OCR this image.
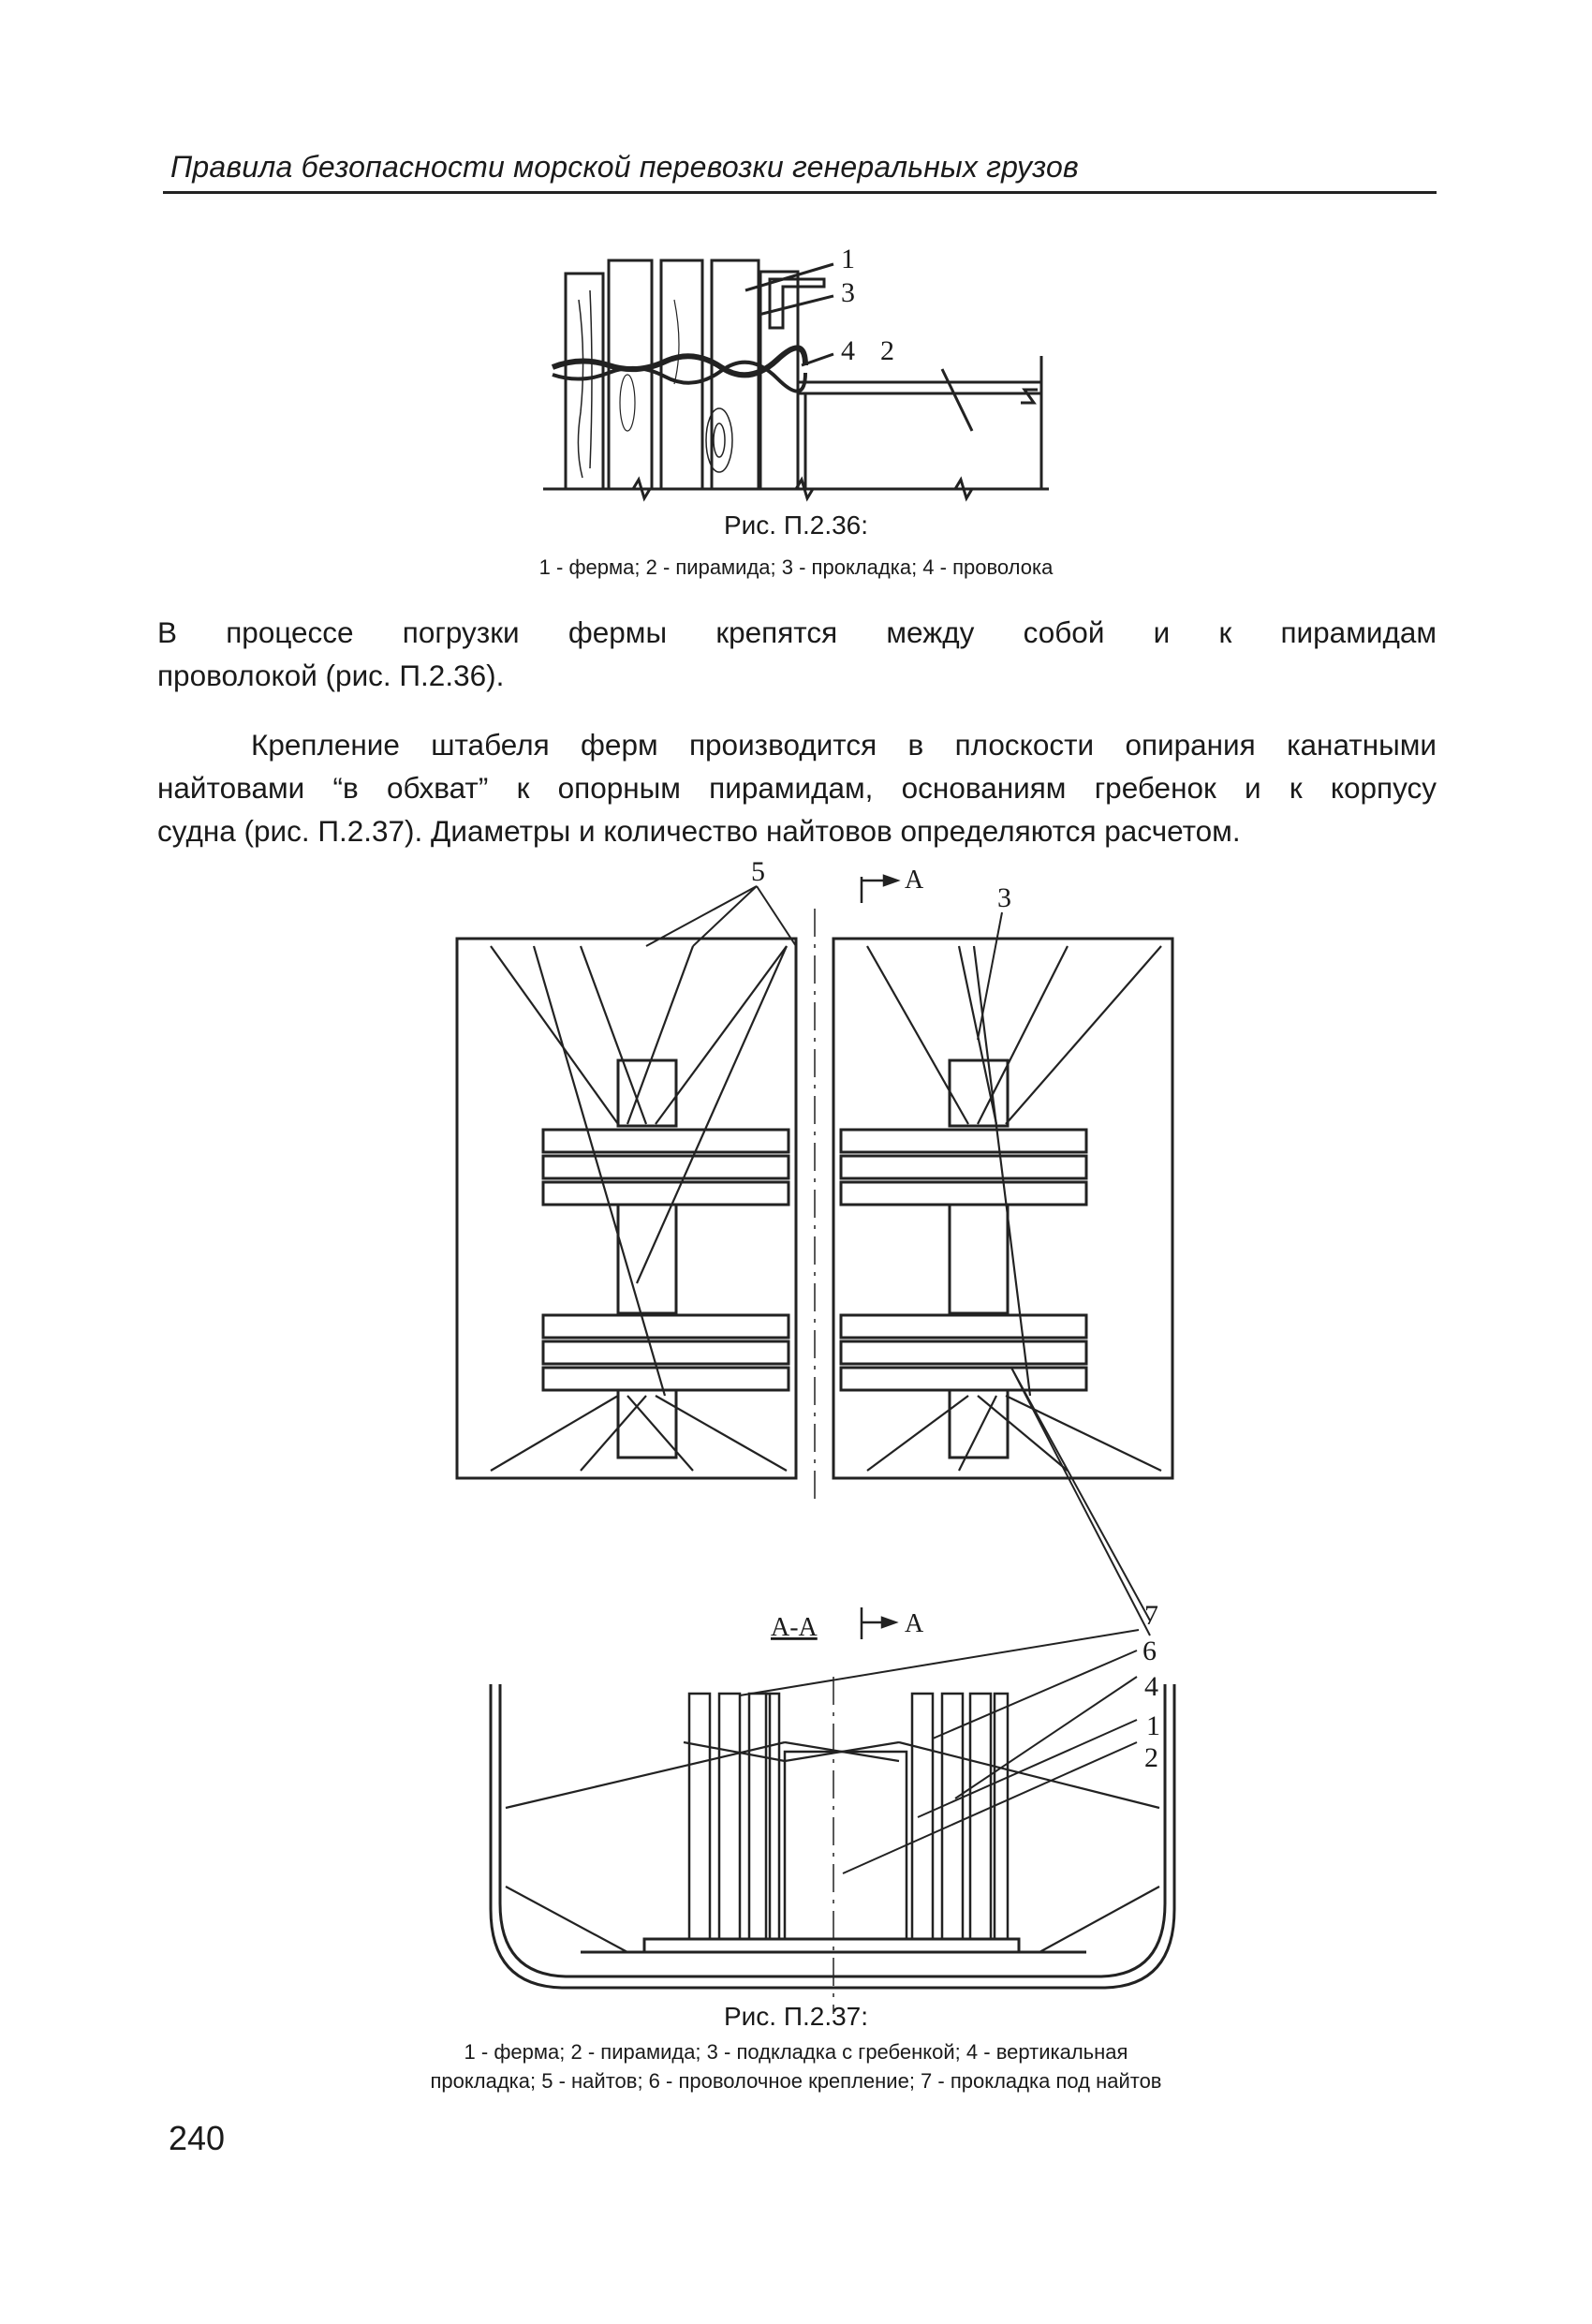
Правила безопасности морской перевозки генеральных грузов
1
3
4 2
Рис. П.2.36:
1 - ферма; 2 - пирамида; 3 - прокладка; 4 - проволока
В процессе погрузки фермы крепятся между собой и к пирамидам
проволокой (рис. П.2.36).
Крепление штабеля ферм производится в плоскости опирания канатными
найтовами “в обхват” к опорным пирамидам, основаниям гребенок и к корпусу
судна (рис. П.2.37). Диаметры и количество найтовов определяются расчетом.
5	А
3
А-А	А	7
6
4
1
2
Рис. П.2.37:
1 - ферма; 2 - пирамида; 3 - подкладка с гребенкой; 4 - вертикальная
прокладка; 5 - найтов; 6 - проволочное крепление; 7 - прокладка под найтов
240
